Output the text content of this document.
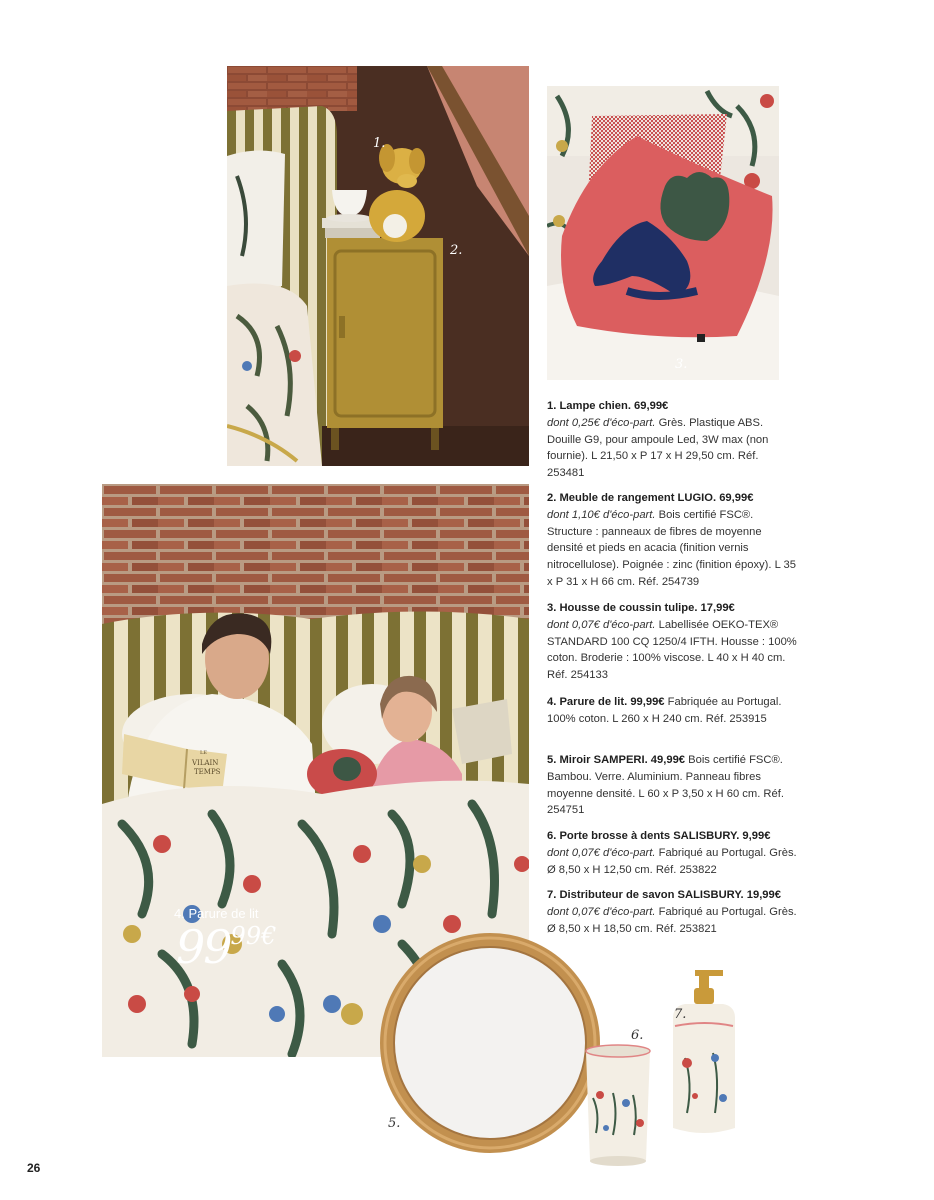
1.
2.
3.
LE
VILAIN
TEMPS
4. Parure de lit
$99^{99€}$
5.
6.
7.
1. Lampe chien. 69,99€
dont 0,25€ d'éco-part. Grès. Plastique ABS. Douille G9, pour ampoule Led, 3W max (non fournie). L 21,50 x P 17 x H 29,50 cm. Réf. 253481
2. Meuble de rangement LUGIO. 69,99€
dont 1,10€ d'éco-part. Bois certifié FSC®. Structure : panneaux de fibres de moyenne densité et pieds en acacia (finition vernis nitrocellulose). Poignée : zinc (finition époxy). L 35 x P 31 x H 66 cm. Réf. 254739
3. Housse de coussin tulipe. 17,99€
dont 0,07€ d'éco-part. Labellisée OEKO-TEX® STANDARD 100 CQ 1250/4 IFTH. Housse : 100% coton. Broderie : 100% viscose. L 40 x H 40 cm. Réf. 254133
4. Parure de lit. 99,99€ Fabriquée au Portugal. 100% coton. L 260 x H 240 cm. Réf. 253915
5. Miroir SAMPERI. 49,99€ Bois certifié FSC®. Bambou. Verre. Aluminium. Panneau fibres moyenne densité. L 60 x P 3,50 x H 60 cm. Réf. 254751
6. Porte brosse à dents SALISBURY. 9,99€
dont 0,07€ d'éco-part. Fabriqué au Portugal. Grès. Ø 8,50 x H 12,50 cm. Réf. 253822
7. Distributeur de savon SALISBURY. 19,99€
dont 0,07€ d'éco-part. Fabriqué au Portugal. Grès. Ø 8,50 x H 18,50 cm. Réf. 253821
26
